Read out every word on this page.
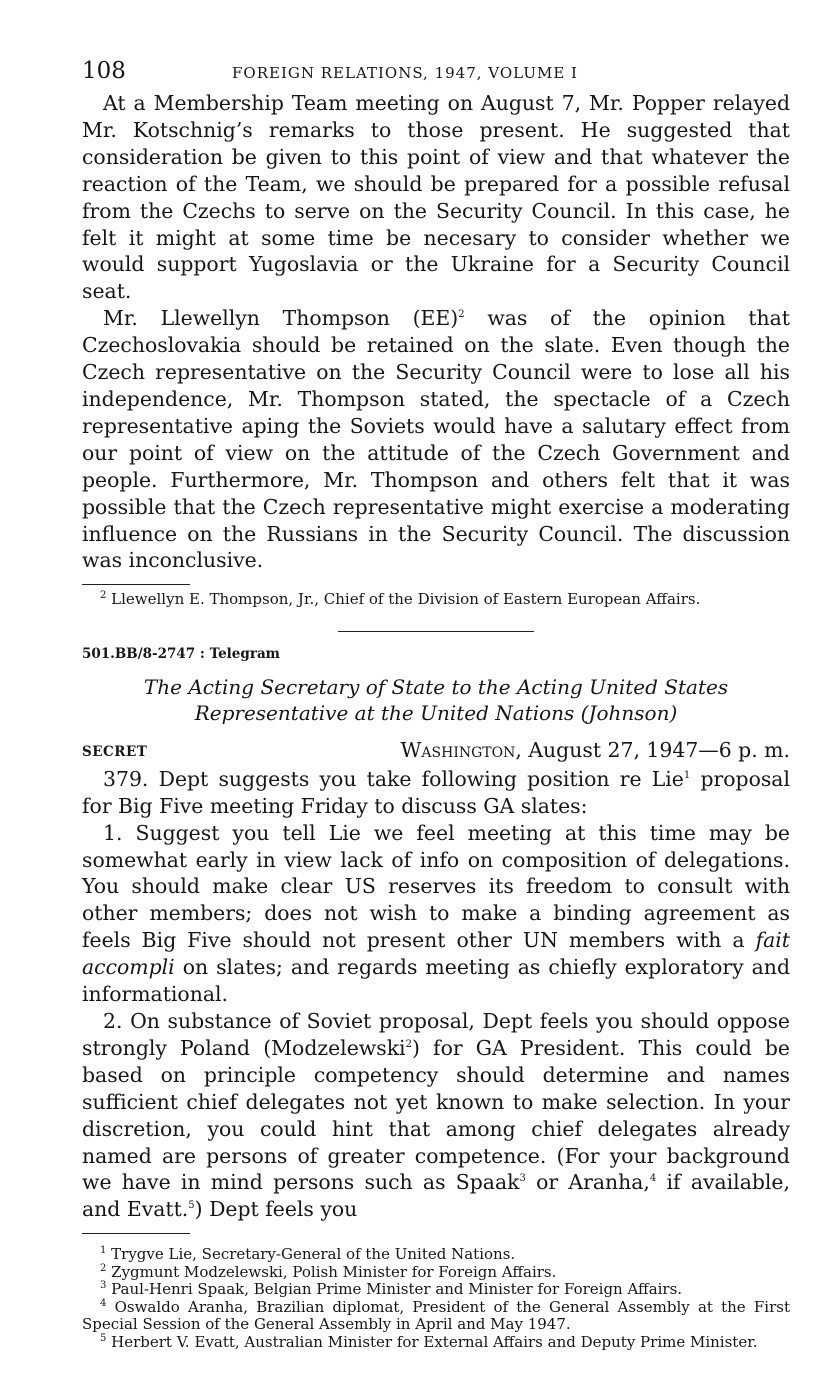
108	FOREIGN RELATIONS, 1947, VOLUME I

At a Membership Team meeting on August 7, Mr. Popper relayed Mr. Kotschnig’s remarks to those present. He suggested that consideration be given to this point of view and that whatever the reaction of the Team, we should be prepared for a possible refusal from the Czechs to serve on the Security Council. In this case, he felt it might at some time be necesary to consider whether we would support Yugoslavia or the Ukraine for a Security Council seat.

Mr. Llewellyn Thompson (EE)$^2$ was of the opinion that Czechoslovakia should be retained on the slate. Even though the Czech representative on the Security Council were to lose all his independence, Mr. Thompson stated, the spectacle of a Czech representative aping the Soviets would have a salutary effect from our point of view on the attitude of the Czech Government and people. Furthermore, Mr. Thompson and others felt that it was possible that the Czech representative might exercise a moderating influence on the Russians in the Security Council. The discussion was inconclusive.

$^2$ Llewellyn E. Thompson, Jr., Chief of the Division of Eastern European Affairs.

501.BB/8-2747 : Telegram
The Acting Secretary of State to the Acting United States
Representative at the United Nations (Johnson)
SECRET	Washington, August 27, 1947—6 p. m.

379. Dept suggests you take following position re Lie$^1$ proposal for Big Five meeting Friday to discuss GA slates:

1. Suggest you tell Lie we feel meeting at this time may be somewhat early in view lack of info on composition of delegations. You should make clear US reserves its freedom to consult with other members; does not wish to make a binding agreement as feels Big Five should not present other UN members with a fait accompli on slates; and regards meeting as chiefly exploratory and informational.

2. On substance of Soviet proposal, Dept feels you should oppose strongly Poland (Modzelewski$^2$) for GA President. This could be based on principle competency should determine and names sufficient chief delegates not yet known to make selection. In your discretion, you could hint that among chief delegates already named are persons of greater competence. (For your background we have in mind persons such as Spaak$^3$ or Aranha,$^4$ if available, and Evatt.$^5$) Dept feels you

$^1$ Trygve Lie, Secretary-General of the United Nations.

$^2$ Zygmunt Modzelewski, Polish Minister for Foreign Affairs.

$^3$ Paul-Henri Spaak, Belgian Prime Minister and Minister for Foreign Affairs.

$^4$ Oswaldo Aranha, Brazilian diplomat, President of the General Assembly at the First Special Session of the General Assembly in April and May 1947.

$^5$ Herbert V. Evatt, Australian Minister for External Affairs and Deputy Prime Minister.
